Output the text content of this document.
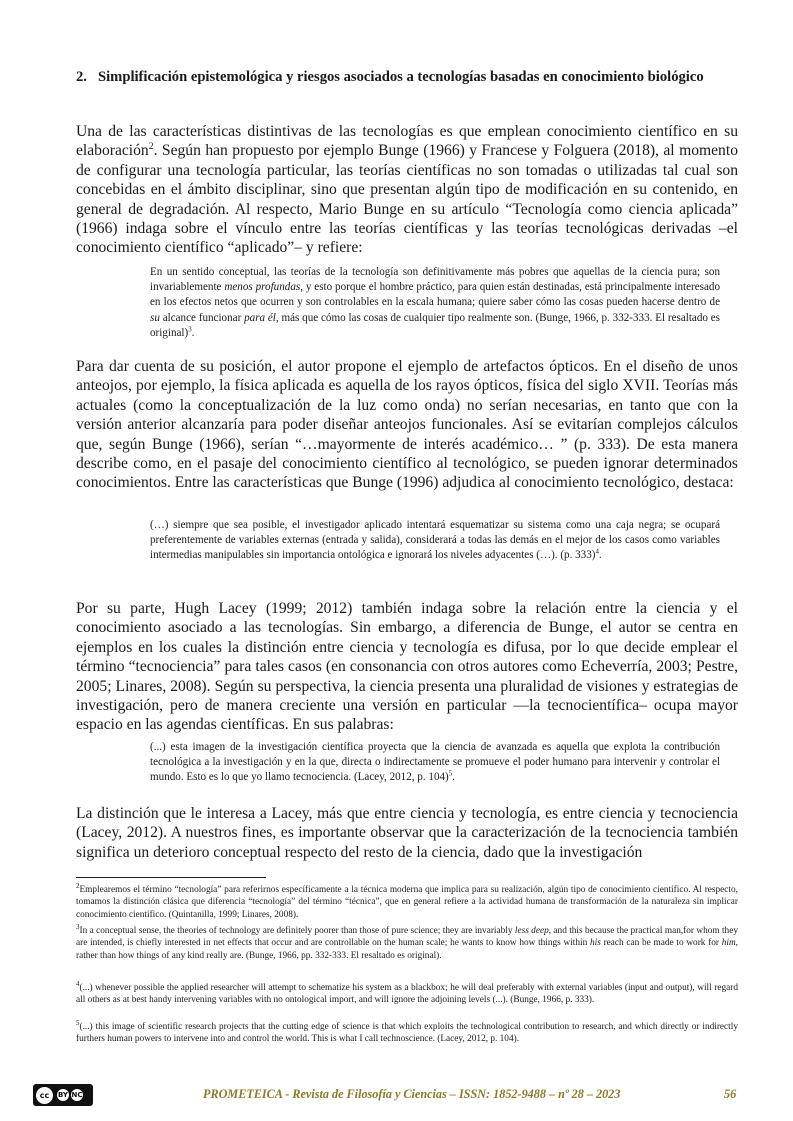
2. Simplificación epistemológica y riesgos asociados a tecnologías basadas en conocimiento biológico
Una de las características distintivas de las tecnologías es que emplean conocimiento científico en su elaboración$^2$. Según han propuesto por ejemplo Bunge (1966) y Francese y Folguera (2018), al momento de configurar una tecnología particular, las teorías científicas no son tomadas o utilizadas tal cual son concebidas en el ámbito disciplinar, sino que presentan algún tipo de modificación en su contenido, en general de degradación. Al respecto, Mario Bunge en su artículo “Tecnología como ciencia aplicada” (1966) indaga sobre el vínculo entre las teorías científicas y las teorías tecnológicas derivadas –el conocimiento científico “aplicado”– y refiere:
En un sentido conceptual, las teorías de la tecnología son definitivamente más pobres que aquellas de la ciencia pura; son invariablemente menos profundas, y esto porque el hombre práctico, para quien están destinadas, está principalmente interesado en los efectos netos que ocurren y son controlables en la escala humana; quiere saber cómo las cosas pueden hacerse dentro de su alcance funcionar para él, más que cómo las cosas de cualquier tipo realmente son. (Bunge, 1966, p. 332-333. El resaltado es original)$^3$.
Para dar cuenta de su posición, el autor propone el ejemplo de artefactos ópticos. En el diseño de unos anteojos, por ejemplo, la física aplicada es aquella de los rayos ópticos, física del siglo XVII. Teorías más actuales (como la conceptualización de la luz como onda) no serían necesarias, en tanto que con la versión anterior alcanzaría para poder diseñar anteojos funcionales. Así se evitarían complejos cálculos que, según Bunge (1966), serían “…mayormente de interés académico… ” (p. 333). De esta manera describe como, en el pasaje del conocimiento científico al tecnológico, se pueden ignorar determinados conocimientos. Entre las características que Bunge (1996) adjudica al conocimiento tecnológico, destaca:
(…) siempre que sea posible, el investigador aplicado intentará esquematizar su sistema como una caja negra; se ocupará preferentemente de variables externas (entrada y salida), considerará a todas las demás en el mejor de los casos como variables intermedias manipulables sin importancia ontológica e ignorará los niveles adyacentes (…). (p. 333)$^4$.
Por su parte, Hugh Lacey (1999; 2012) también indaga sobre la relación entre la ciencia y el conocimiento asociado a las tecnologías. Sin embargo, a diferencia de Bunge, el autor se centra en ejemplos en los cuales la distinción entre ciencia y tecnología es difusa, por lo que decide emplear el término “tecnociencia” para tales casos (en consonancia con otros autores como Echeverría, 2003; Pestre, 2005; Linares, 2008). Según su perspectiva, la ciencia presenta una pluralidad de visiones y estrategias de investigación, pero de manera creciente una versión en particular —la tecnocientífica– ocupa mayor espacio en las agendas científicas. En sus palabras:
(...) esta imagen de la investigación científica proyecta que la ciencia de avanzada es aquella que explota la contribución tecnológica a la investigación y en la que, directa o indirectamente se promueve el poder humano para intervenir y controlar el mundo. Esto es lo que yo llamo tecnociencia. (Lacey, 2012, p. 104)$^5$.
La distinción que le interesa a Lacey, más que entre ciencia y tecnología, es entre ciencia y tecnociencia (Lacey, 2012). A nuestros fines, es importante observar que la caracterización de la tecnociencia también significa un deterioro conceptual respecto del resto de la ciencia, dado que la investigación
$^2$Emplearemos el término “tecnología” para referirnos específicamente a la técnica moderna que implica para su realización, algún tipo de conocimiento científico. Al respecto, tomamos la distinción clásica que diferencia “tecnología” del término “técnica”, que en general refiere a la actividad humana de transformación de la naturaleza sin implicar conocimiento científico. (Quintanilla, 1999; Linares, 2008).
$^3$In a conceptual sense, the theories of technology are definitely poorer than those of pure science; they are invariably less deep, and this because the practical man,for whom they are intended, is chiefly interested in net effects that occur and are controllable on the human scale; he wants to know how things within his reach can be made to work for him, rather than how things of any kind really are. (Bunge, 1966, pp. 332-333. El resaltado es original).
$^4$(...) whenever possible the applied researcher will attempt to schematize his system as a blackbox; he will deal preferably with external variables (input and output), will regard all others as at best handy intervening variables with no ontological import, and will ignore the adjoining levels (...). (Bunge, 1966, p. 333).
$^5$(...) this image of scientific research projects that the cutting edge of science is that which exploits the technological contribution to research, and which directly or indirectly furthers human powers to intervene into and control the world. This is what I call technoscience. (Lacey, 2012, p. 104).
cc	BY NC	PROMETEICA - Revista de Filosofía y Ciencias – ISSN: 1852-9488 – nº 28 – 2023	56
